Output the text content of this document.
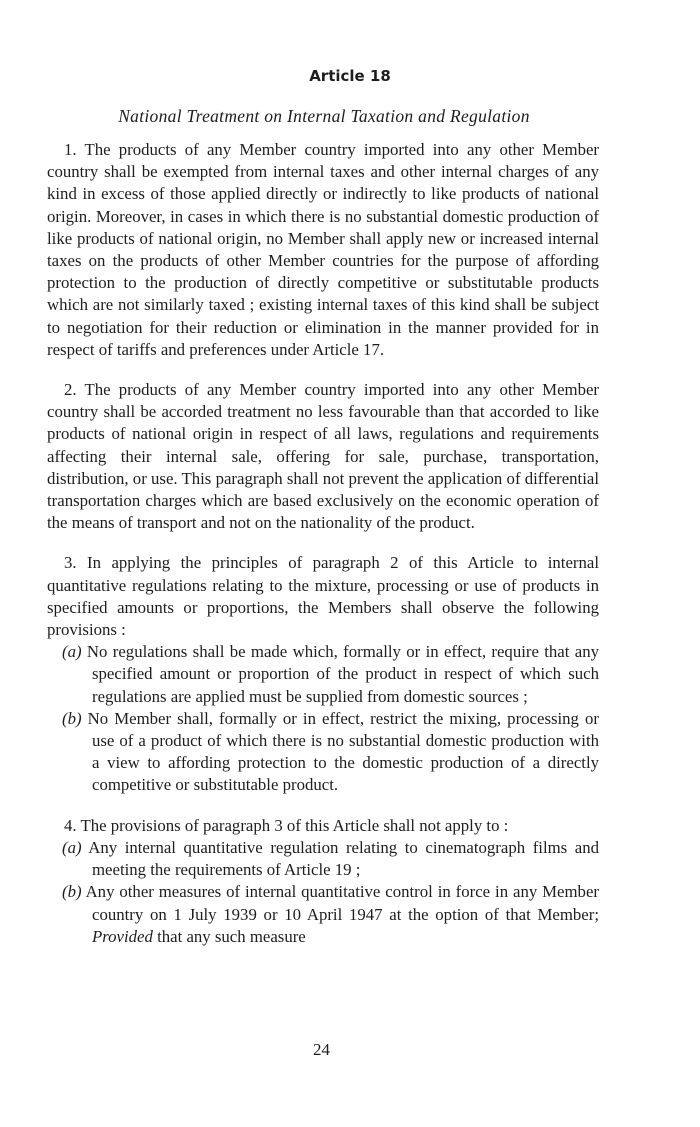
Article 18
National Treatment on Internal Taxation and Regulation

1. The products of any Member country imported into any other Member country shall be exempted from internal taxes and other internal charges of any kind in excess of those applied directly or indirectly to like products of national origin. Moreover, in cases in which there is no substantial domestic production of like products of national origin, no Member shall apply new or increased internal taxes on the products of other Member countries for the purpose of affording protection to the production of directly competitive or substitutable products which are not similarly taxed ; existing internal taxes of this kind shall be subject to negotiation for their reduction or elimination in the manner provided for in respect of tariffs and preferences under Article 17.

2. The products of any Member country imported into any other Member country shall be accorded treatment no less favourable than that accorded to like products of national origin in respect of all laws, regulations and requirements affecting their internal sale, offering for sale, purchase, transportation, distribution, or use. This paragraph shall not prevent the application of differential transportation charges which are based exclusively on the economic operation of the means of transport and not on the nationality of the product.

3. In applying the principles of paragraph 2 of this Article to internal quantitative regulations relating to the mixture, processing or use of products in specified amounts or proportions, the Members shall observe the following provisions :

(a) No regulations shall be made which, formally or in effect, require that any specified amount or proportion of the product in respect of which such regulations are applied must be supplied from domestic sources ;

(b) No Member shall, formally or in effect, restrict the mixing, processing or use of a product of which there is no substantial domestic production with a view to affording protection to the domestic production of a directly competitive or substitutable product.

4. The provisions of paragraph 3 of this Article shall not apply to :

(a) Any internal quantitative regulation relating to cinematograph films and meeting the requirements of Article 19 ;

(b) Any other measures of internal quantitative control in force in any Member country on 1 July 1939 or 10 April 1947 at the option of that Member; Provided that any such measure

24
